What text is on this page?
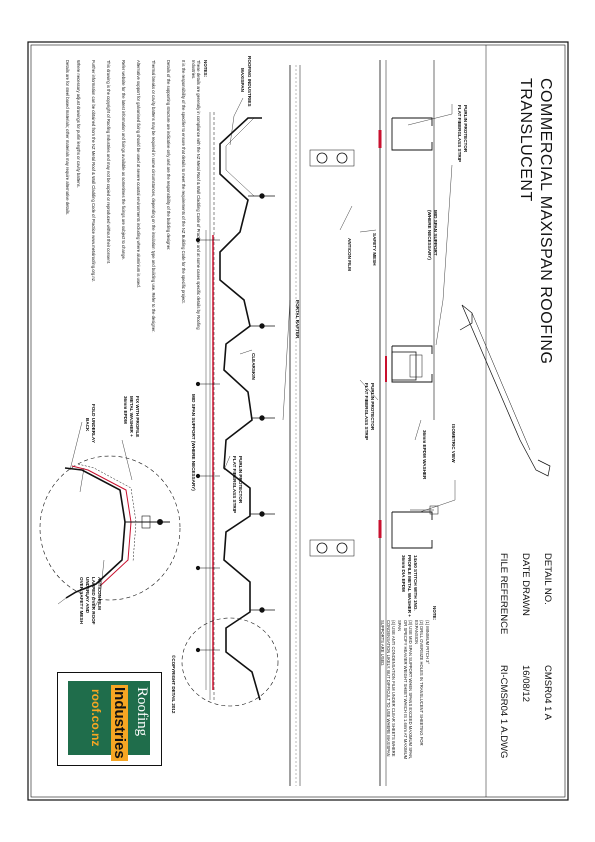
COMMERCIAL MAXISPAN ROOFING
TRANSLUCENT
DETAIL NO.
CMSR04 1 A
DATE DRAWN
16/08/12
FILE REFERENCE
RI-CMSR04 1 A.DWG
PURLIN PROTECTOR
FLAT FIBERGLASS STRIP
MID SPAN SUPPORT
(WHERE NECESSARY)
SAFETY MESH
ANTICON FILM
PORTAL RAFTER
PURLIN PROTECTOR
FLAT FIBERGLASS STRIP
ISOMETRIC VIEW
36mm EPDM WASHER
14x50 STITCH WITH 1NO.
PROFILE METAL WASHER +
36mm DIA EPDM
NOTE:
(1) MINIMUM PITCH 3°
(2) DRILL OVERSIZE HOLES IN TRANSLUCENT SHEETING FOR EXPANSION
(3) USE MID SPAN SUPPORT WHEN SPANS EXCEED MAXIMUM SPAN, OR SPECIFY HEAVIER WEIGHT SHEET WHICH IS 1.6mm AT MAXIMUM SPAN
(4) USE ANTI CONDENSATION FILM UNDER CLEAR SHEETS WHERE CONDENSATION LIKELY. BUT DIFFICULT TO USE WHERE MAXISPAN SUPPORTS ARE USED.
ROOFING INDUSTRIES
MAXISPAN
CLEARSKIN
PURLIN PROTECTOR
FLAT FIBERGLASS STRIP
MID SPAN SUPPORT (WHERE NECESSARY)
FIX WITH PROFILE
METAL WASHER +
36mm EPDM
FOLD UNDERLAY
BACK
ANTICON FILM
LAPPED OVER ROOF
UNDERLAY AND
OVER SAFETY MESH
NOTES:
These details are generally in compliance with the NZ Metal Roof & Wall Cladding Code of Practice and at some cases specific details by Roofing Industries.
It is the responsibility of the specifier to ensure that details to meet the requirements of the NZ Building Code for the specific project.
Details of the supporting structure are indicative only and are the responsibility of the building designer.
Thermal breaks or cavity battens may be required in some circumstances, depending on the insulation type and building use. Refer to the designer.
Alternative support for galvanised fixing should be used at severe coastal environments including where aluminium is used.
Refer website for the latest information and fixings available as sometimes the fixings are subject to change.
This drawing is the copyright of Roofing Industries and may not be copied or reproduced without their consent.
Further information can be obtained from the NZ Metal Roof & Wall Cladding Code of Practice www.metalroofing.org.nz.
Where necessary adjust drawings for purlin lengths or cavity battens.
Details are for steel based materials; other materials may require alternative details.
©COPYRIGHT DETAIL 2012
Roofing
Industries
roof.co.nz
